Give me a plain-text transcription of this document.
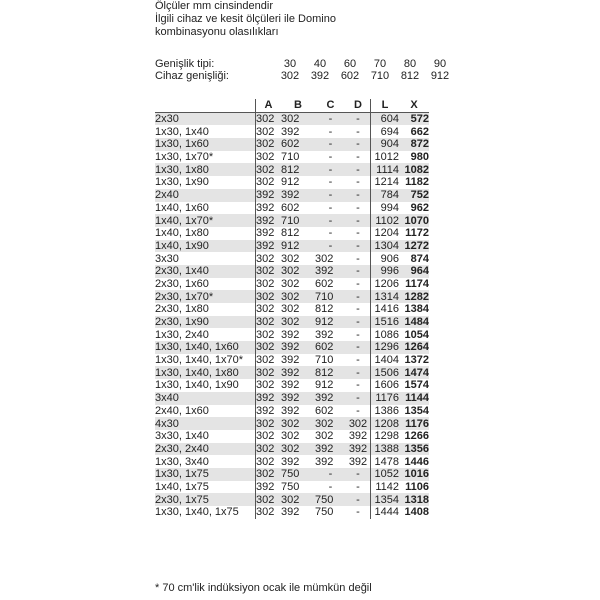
Ölçüler mm cinsindendir
İlgili cihaz ve kesit ölçüleri ile Domino
kombinasyonu olasılıkları
Genişlik tipi:	30	40	60	70	80	90
Cihaz genişliği:	302	392	602	710	812	912
	A	B	C	D	L	X
2x30	302	302	-	-	604	572
1x30, 1x40	302	392	-	-	694	662
1x30, 1x60	302	602	-	-	904	872
1x30, 1x70*	302	710	-	-	1012	980
1x30, 1x80	302	812	-	-	1114	1082
1x30, 1x90	302	912	-	-	1214	1182
2x40	392	392	-	-	784	752
1x40, 1x60	392	602	-	-	994	962
1x40, 1x70*	392	710	-	-	1102	1070
1x40, 1x80	392	812	-	-	1204	1172
1x40, 1x90	392	912	-	-	1304	1272
3x30	302	302	302	-	906	874
2x30, 1x40	302	302	392	-	996	964
2x30, 1x60	302	302	602	-	1206	1174
2x30, 1x70*	302	302	710	-	1314	1282
2x30, 1x80	302	302	812	-	1416	1384
2x30, 1x90	302	302	912	-	1516	1484
1x30, 2x40	302	392	392	-	1086	1054
1x30, 1x40, 1x60	302	392	602	-	1296	1264
1x30, 1x40, 1x70*	302	392	710	-	1404	1372
1x30, 1x40, 1x80	302	392	812	-	1506	1474
1x30, 1x40, 1x90	302	392	912	-	1606	1574
3x40	392	392	392	-	1176	1144
2x40, 1x60	392	392	602	-	1386	1354
4x30	302	302	302	302	1208	1176
3x30, 1x40	302	302	302	392	1298	1266
2x30, 2x40	302	302	392	392	1388	1356
1x30, 3x40	302	392	392	392	1478	1446
1x30, 1x75	302	750	-	-	1052	1016
1x40, 1x75	392	750	-	-	1142	1106
2x30, 1x75	302	302	750	-	1354	1318
1x30, 1x40, 1x75	302	392	750	-	1444	1408
* 70 cm'lik indüksiyon ocak ile mümkün değil
